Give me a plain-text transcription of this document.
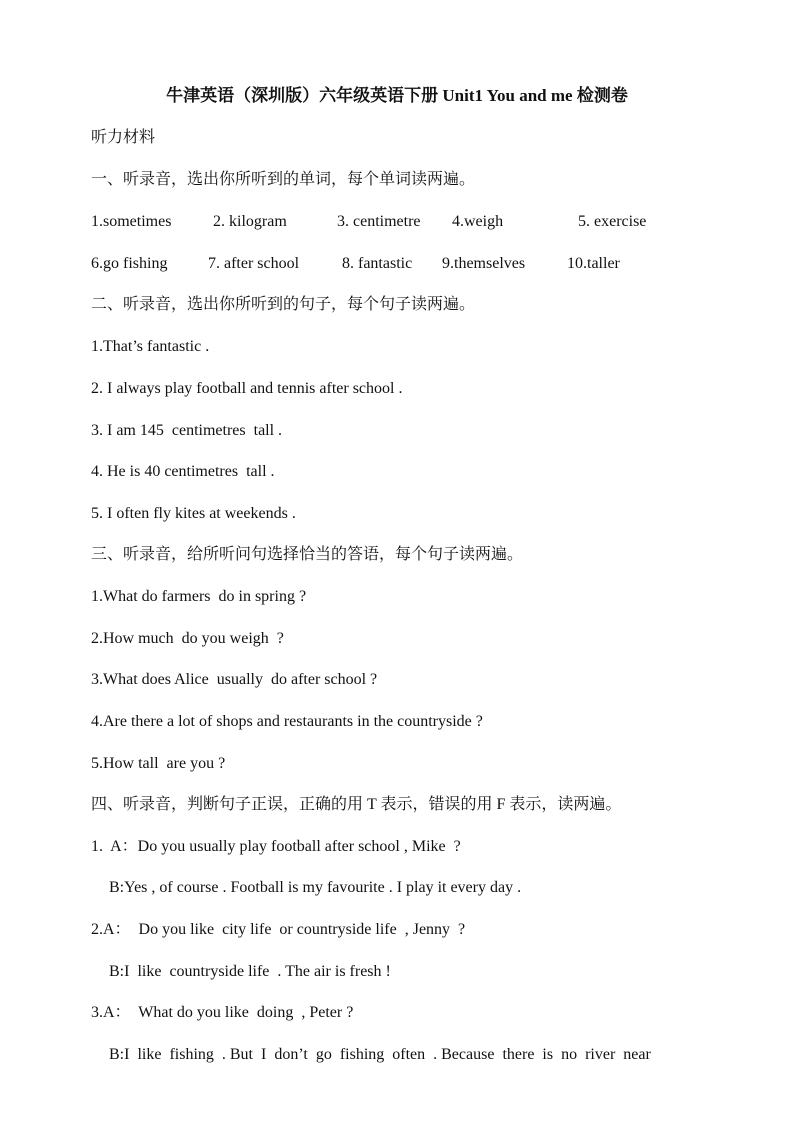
牛津英语（深圳版）六年级英语下册 Unit1 You and me 检测卷
听力材料
一、听录音，选出你所听到的单词，每个单词读两遍。
1.sometimes	2. kilogram	3. centimetre 4.weigh	5. exercise
6.go fishing	7. after school	8. fantastic 9.themselves	10.taller
二、听录音，选出你所听到的句子，每个句子读两遍。
1.That’s fantastic .
2. I always play football and tennis after school .
3. I am 145  centimetres  tall .
4. He is 40 centimetres  tall .
5. I often fly kites at weekends .
三、听录音，给所听问句选择恰当的答语，每个句子读两遍。
1.What do farmers  do in spring ?
2.How much  do you weigh  ?
3.What does Alice  usually  do after school ?
4.Are there a lot of shops and restaurants in the countryside ?
5.How tall  are you ?
四、听录音，判断句子正误，正确的用 T 表示，错误的用 F 表示，读两遍。
1.  A：Do you usually play football after school , Mike  ?
B:Yes , of course . Football is my favourite . I play it every day .
2.A：  Do you like  city life  or countryside life  , Jenny  ?
B:I  like  countryside life  . The air is fresh !
3.A：  What do you like  doing  , Peter ?
B:I  like  fishing  . But  I  don’t  go  fishing  often  . Because  there  is  no  river  near
